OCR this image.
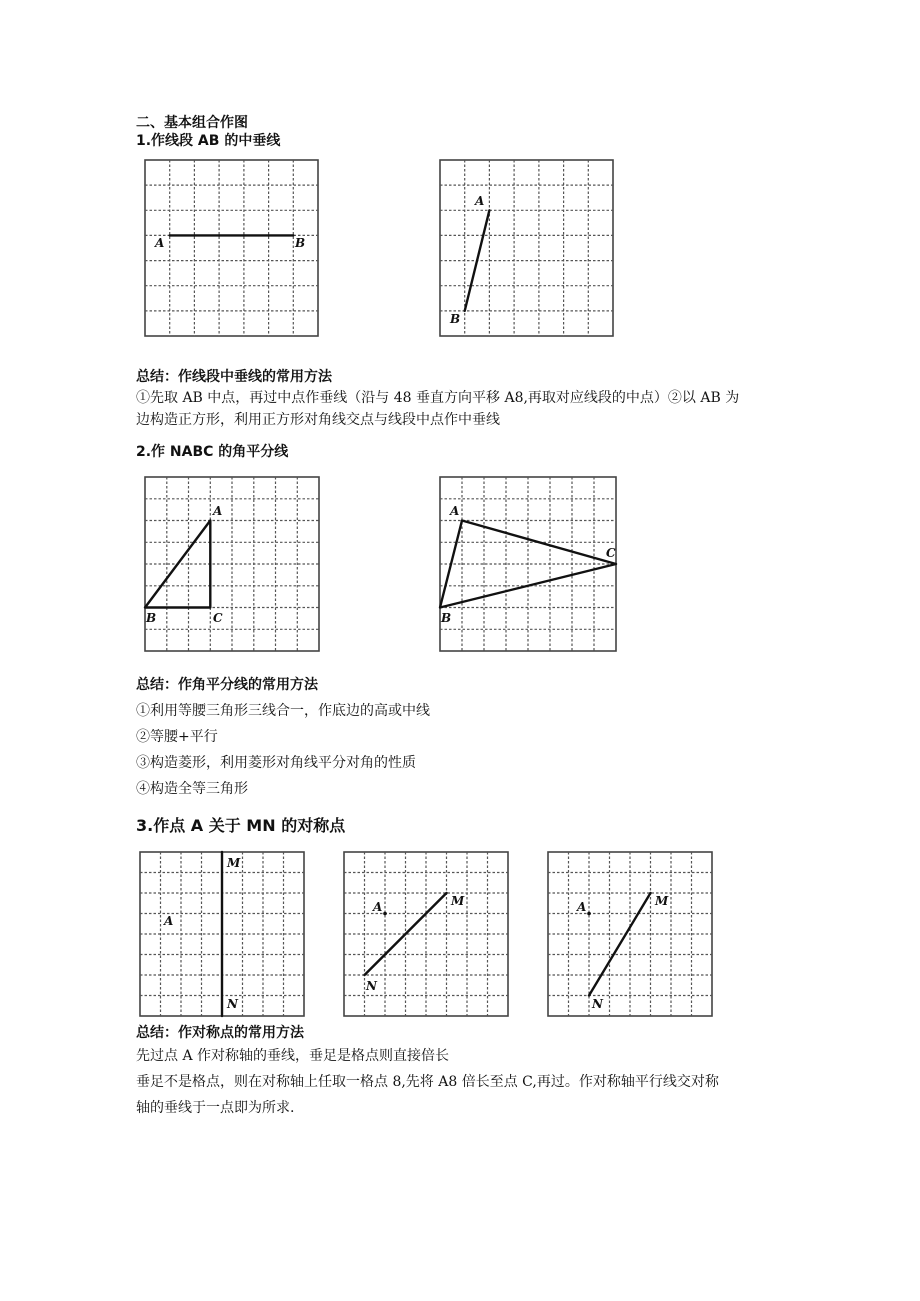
二、基本组合作图
1.作线段 AB 的中垂线
A	B
A
B
总结：作线段中垂线的常用方法
①先取 AB 中点，再过中点作垂线（沿与 48 垂直方向平移 A8,再取对应线段的中点）②以 AB 为
边构造正方形，利用正方形对角线交点与线段中点作中垂线
2.作 NABC 的角平分线
A
B	C
A
B
C
总结：作角平分线的常用方法
①利用等腰三角形三线合一，作底边的高或中线
②等腰+平行
③构造菱形，利用菱形对角线平分对角的性质
④构造全等三角形
3.作点 A 关于 MN 的对称点
M
A
N
A	M
N
A	M
N
总结：作对称点的常用方法
先过点 A 作对称轴的垂线，垂足是格点则直接倍长
垂足不是格点，则在对称轴上任取一格点 8,先将 A8 倍长至点 C,再过。作对称轴平行线交对称
轴的垂线于一点即为所求.
